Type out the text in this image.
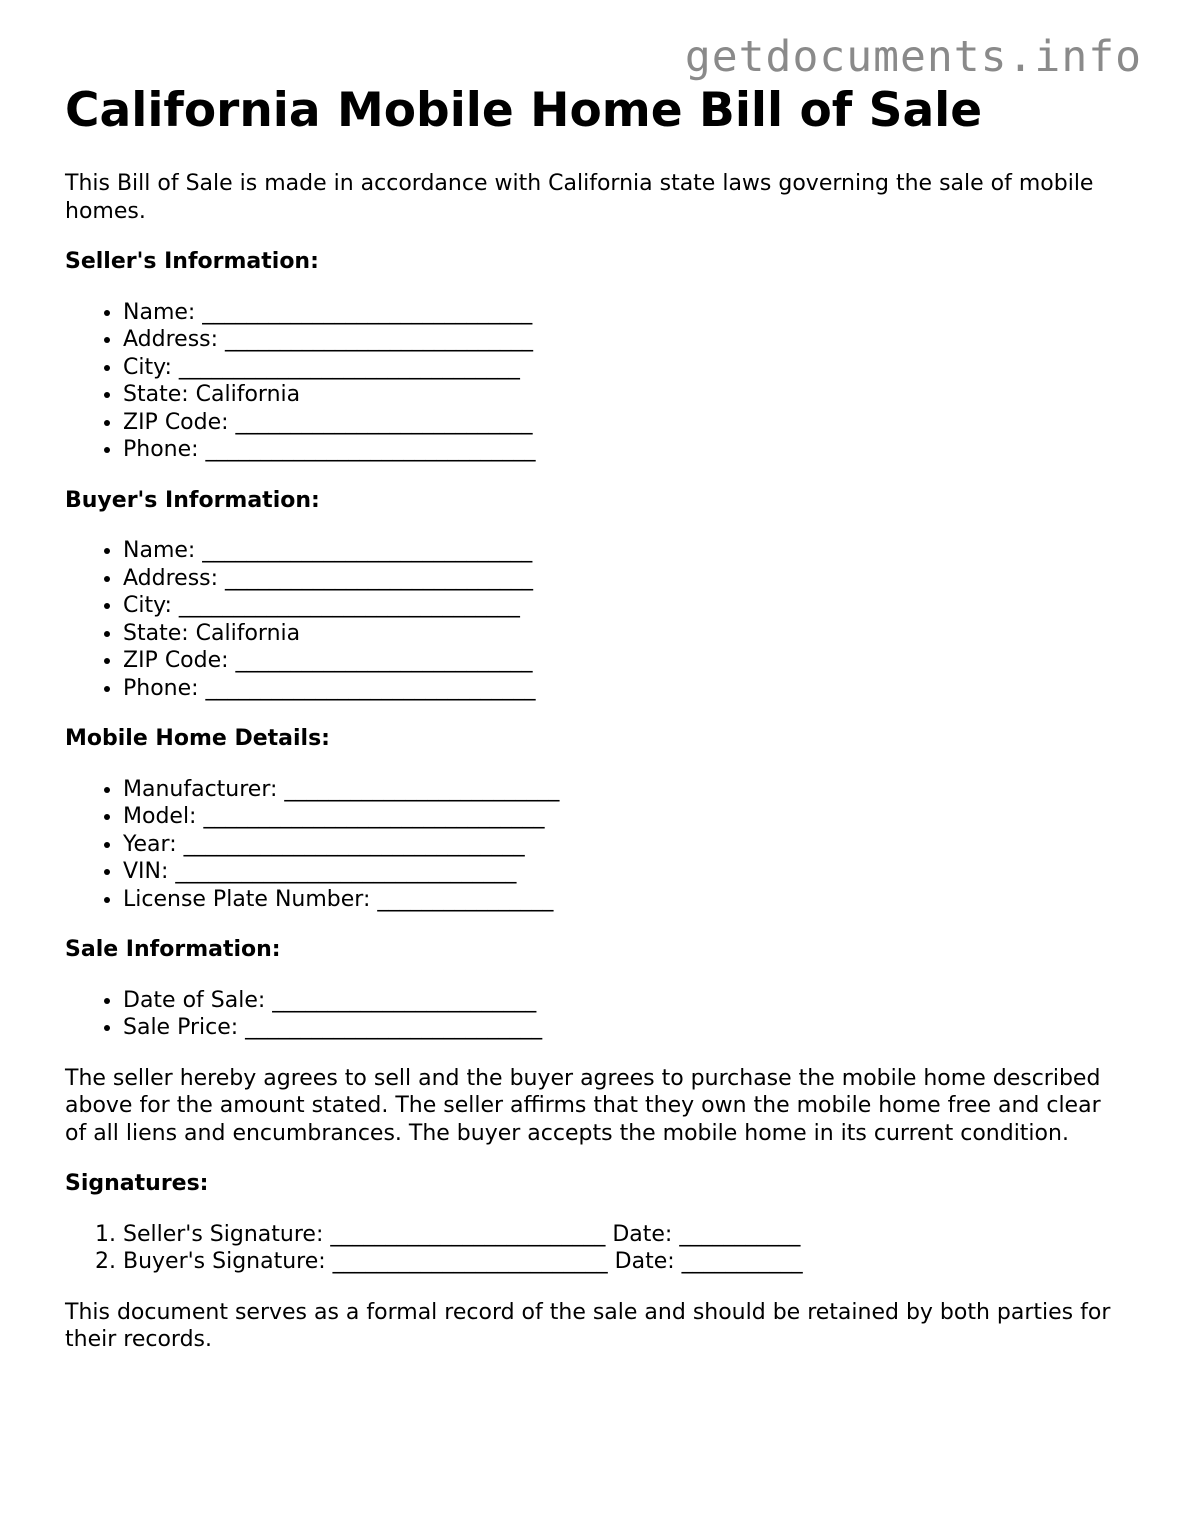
getdocuments.info
California Mobile Home Bill of Sale

This Bill of Sale is made in accordance with California state laws governing the sale of mobile homes.

Seller's Information:
• Name: ______________________________
• Address: ____________________________
• City: _______________________________
• State: California
• ZIP Code: ___________________________
• Phone: ______________________________
Buyer's Information:
• Name: ______________________________
• Address: ____________________________
• City: _______________________________
• State: California
• ZIP Code: ___________________________
• Phone: ______________________________
Mobile Home Details:
• Manufacturer: _________________________
• Model: _______________________________
• Year: _______________________________
• VIN: _______________________________
• License Plate Number: ________________
Sale Information:
• Date of Sale: ________________________
• Sale Price: ___________________________

The seller hereby agrees to sell and the buyer agrees to purchase the mobile home described above for the amount stated. The seller affirms that they own the mobile home free and clear of all liens and encumbrances. The buyer accepts the mobile home in its current condition.

Signatures:
1. Seller's Signature: _________________________ Date: ___________
2. Buyer's Signature: _________________________ Date: ___________

This document serves as a formal record of the sale and should be retained by both parties for their records.
